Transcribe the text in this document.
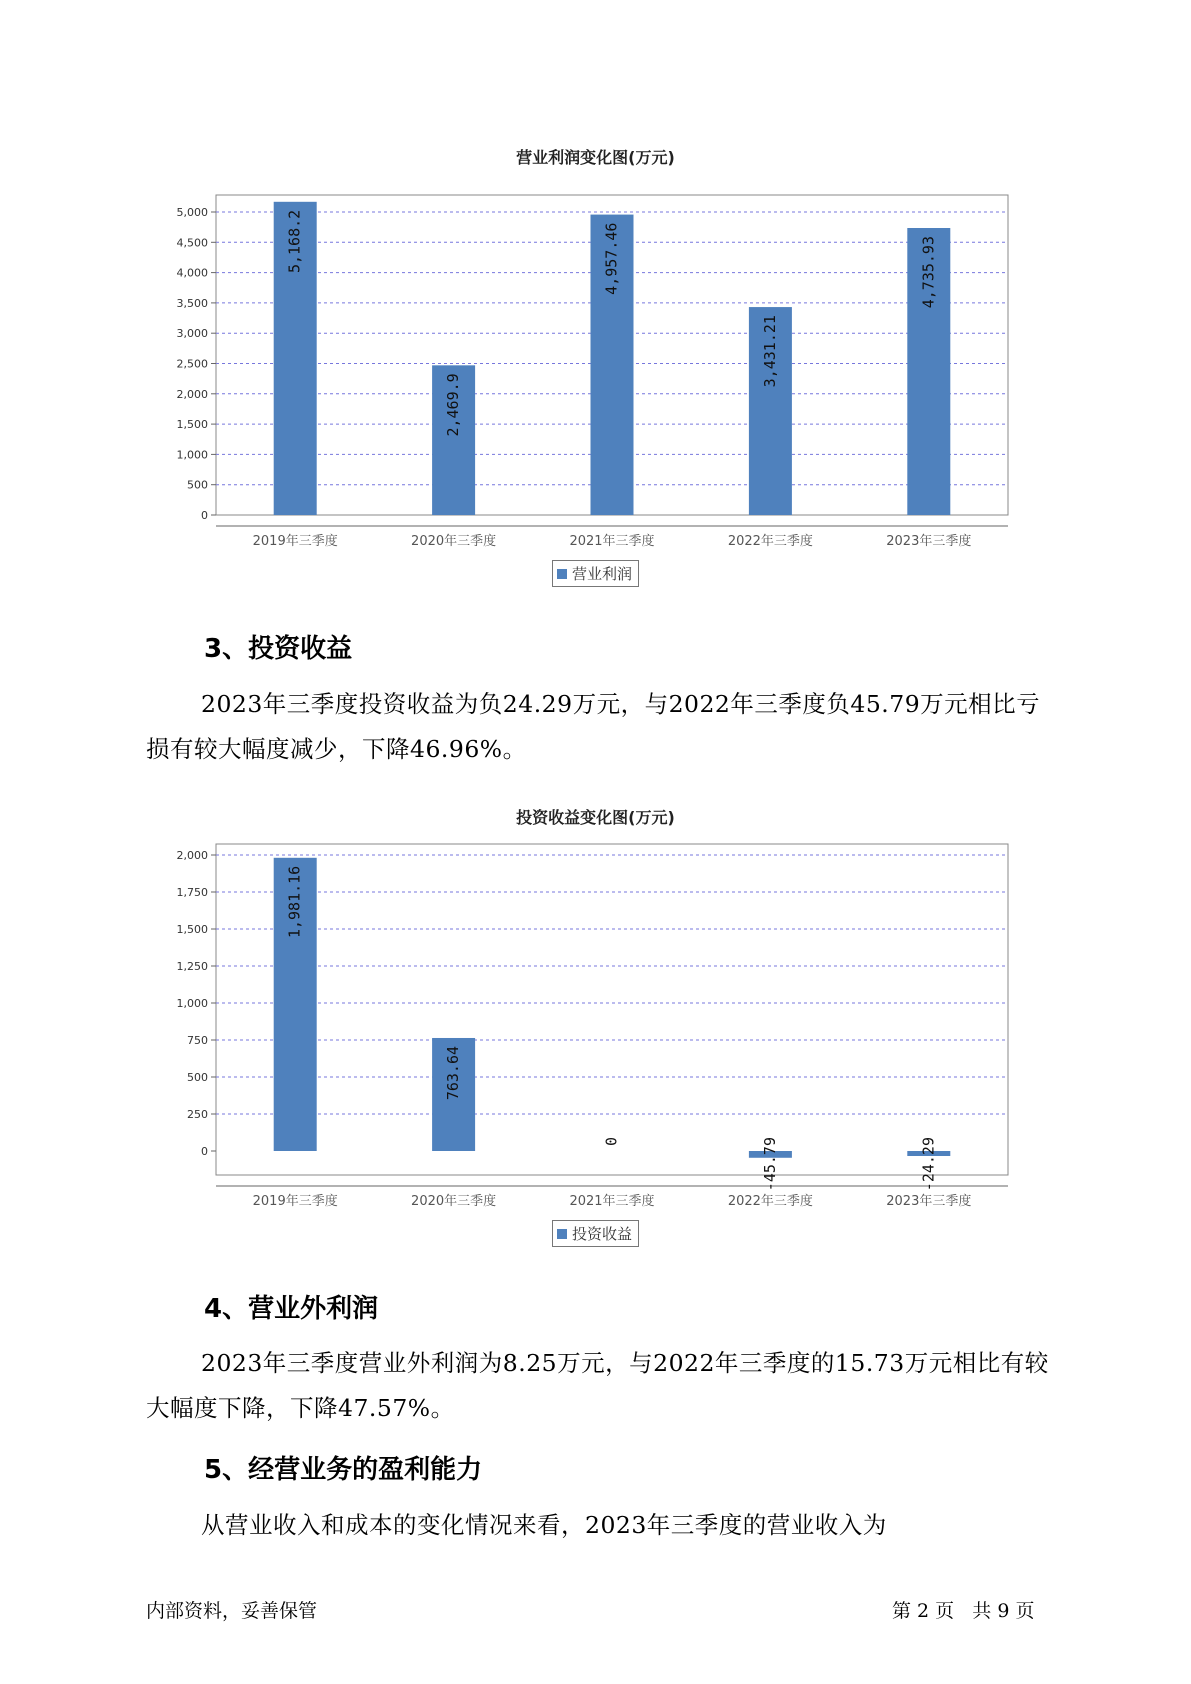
营业利润变化图(万元)
0
500
1,000
1,500
2,000
2,500
3,000
3,500
4,000
4,500
5,000	5,168.2
2019年三季度
2,469.9
2020年三季度
4,957.46
2021年三季度
3,431.21
2022年三季度
4,735.93
2023年三季度
营业利润
3、投资收益

2023年三季度投资收益为负24.29万元，与2022年三季度负45.79万元相比亏损有较大幅度减少，下降46.96%。

投资收益变化图(万元)
0
250
500
750
1,000
1,250
1,500
1,750
2,000
1,981.16
2019年三季度
763.64
2020年三季度
0
2021年三季度
-45.79
2022年三季度
-24.29
2023年三季度
投资收益
4、营业外利润

2023年三季度营业外利润为8.25万元，与2022年三季度的15.73万元相比有较大幅度下降，下降47.57%。

5、经营业务的盈利能力

从营业收入和成本的变化情况来看，2023年三季度的营业收入为

内部资料，妥善保管	第 2 页   共 9 页
